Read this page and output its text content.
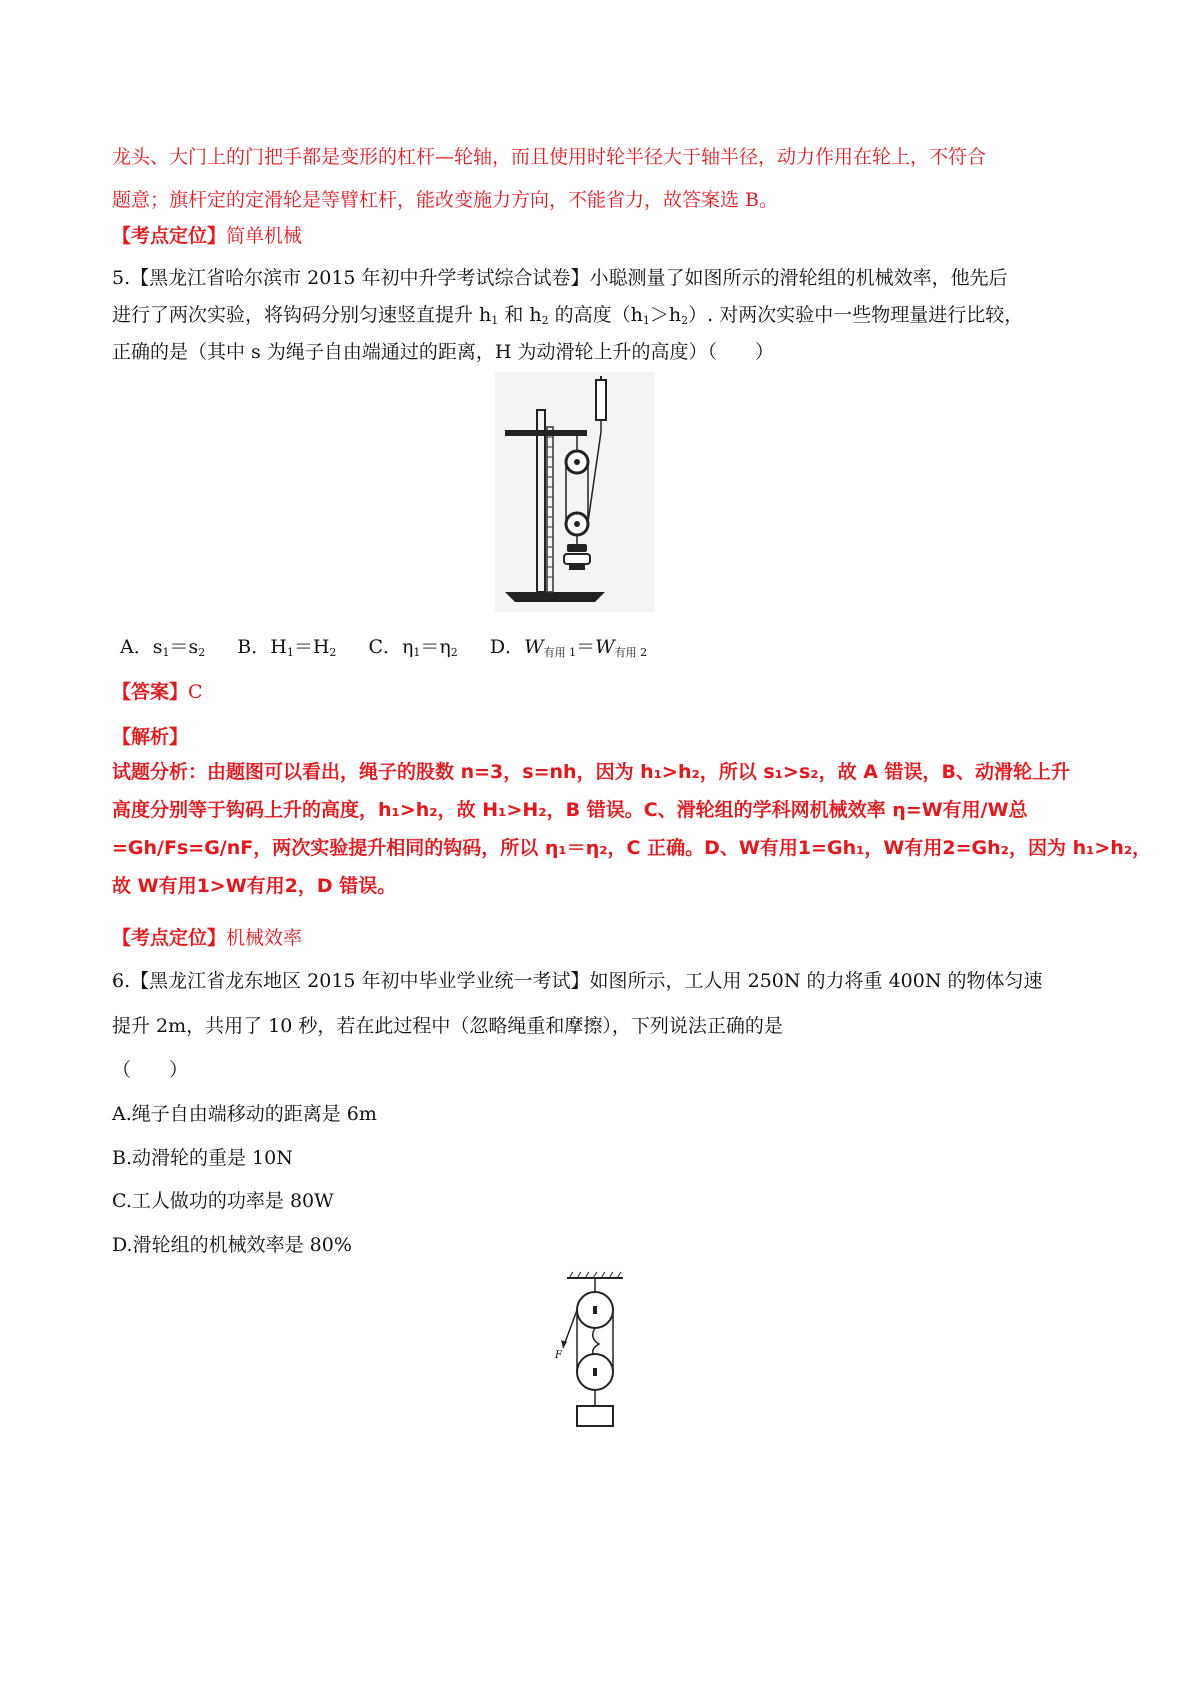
龙头、大门上的门把手都是变形的杠杆—轮轴，而且使用时轮半径大于轴半径，动力作用在轮上，不符合
题意；旗杆定的定滑轮是等臂杠杆，能改变施力方向，不能省力，故答案选 B。
【考点定位】简单机械
5.【黑龙江省哈尔滨市 2015 年初中升学考试综合试卷】小聪测量了如图所示的滑轮组的机械效率，他先后
进行了两次实验，将钩码分别匀速竖直提升 $h_1$ 和 $h_2$ 的高度$(h_1>h_2)$. 对两次实验中一些物理量进行比较，
正确的是（其中 s 为绳子自由端通过的距离，H 为动滑轮上升的高度）（　　）
A．$s_1=s_2$ B．$H_1=H_2$ C．$\eta_1=\eta_2$ D．$W_{有用 1}=W_{有用 2}$
【答案】C
【解析】
试题分析：由题图可以看出，绳子的股数 n=3，s=nh，因为 h₁>h₂，所以 s₁>s₂，故 A 错误，B、动滑轮上升
高度分别等于钩码上升的高度，h₁>h₂，故 H₁>H₂，B 错误。C、滑轮组的学科网机械效率 η=W有用/W总
=Gh/Fs=G/nF，两次实验提升相同的钩码，所以 η₁＝η₂，C 正确。D、W有用1=Gh₁，W有用2=Gh₂，因为 h₁>h₂，
故 W有用1>W有用2，D 错误。
【考点定位】机械效率
6.【黑龙江省龙东地区 2015 年初中毕业学业统一考试】如图所示，工人用 250N 的力将重 400N 的物体匀速
提升 2m，共用了 10 秒，若在此过程中（忽略绳重和摩擦），下列说法正确的是
（　　）
A.绳子自由端移动的距离是 6m
B.动滑轮的重是 10N
C.工人做功的功率是 80W
D.滑轮组的机械效率是 80%
F
